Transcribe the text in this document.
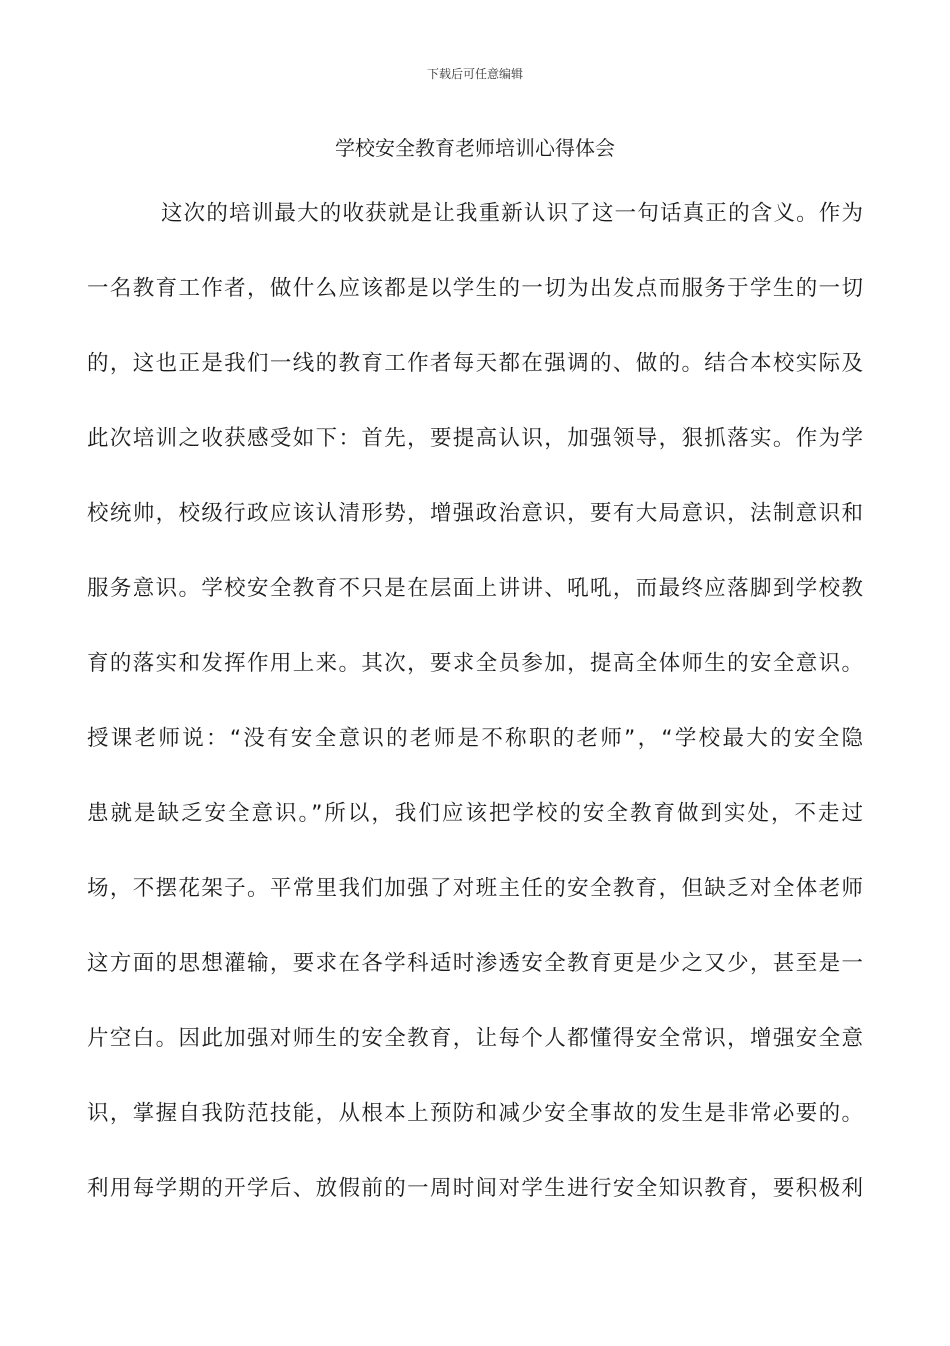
下载后可任意编辑
学校安全教育老师培训心得体会
这次的培训最大的收获就是让我重新认识了这一句话真正的含义。作为
一名教育工作者，做什么应该都是以学生的一切为出发点而服务于学生的一切
的，这也正是我们一线的教育工作者每天都在强调的、做的。结合本校实际及
此次培训之收获感受如下：首先，要提高认识，加强领导，狠抓落实。作为学
校统帅，校级行政应该认清形势，增强政治意识，要有大局意识，法制意识和
服务意识。学校安全教育不只是在层面上讲讲、吼吼，而最终应落脚到学校教
育的落实和发挥作用上来。其次，要求全员参加，提高全体师生的安全意识。
授课老师说：“没有安全意识的老师是不称职的老师”，“学校最大的安全隐
患就是缺乏安全意识。”所以，我们应该把学校的安全教育做到实处，不走过
场，不摆花架子。平常里我们加强了对班主任的安全教育，但缺乏对全体老师
这方面的思想灌输，要求在各学科适时渗透安全教育更是少之又少，甚至是一
片空白。因此加强对师生的安全教育，让每个人都懂得安全常识，增强安全意
识，掌握自我防范技能，从根本上预防和减少安全事故的发生是非常必要的。
利用每学期的开学后、放假前的一周时间对学生进行安全知识教育，要积极利
